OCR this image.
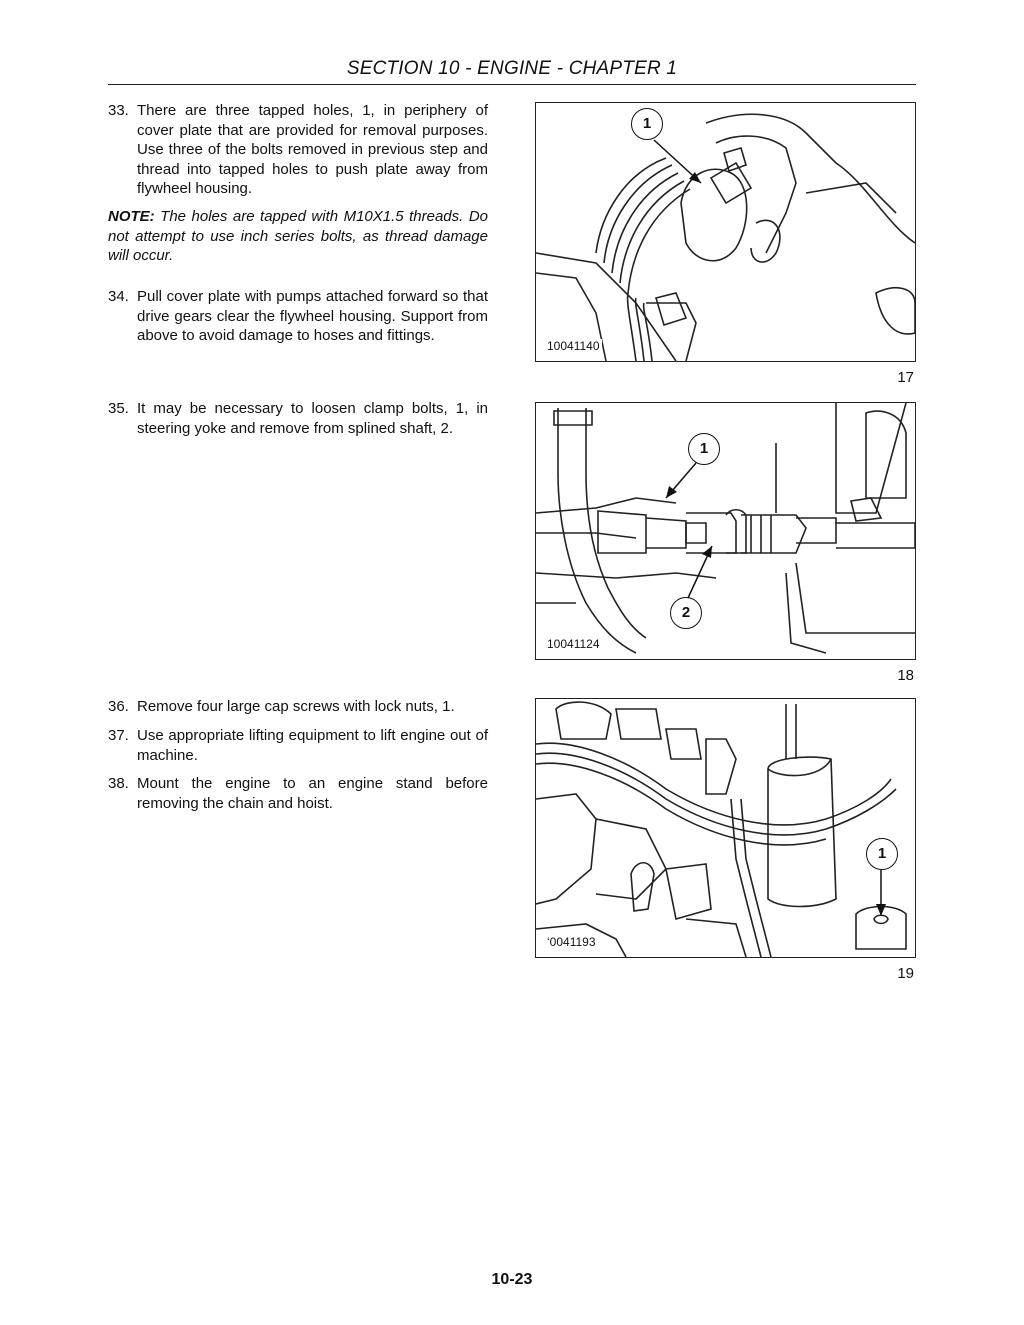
SECTION 10 - ENGINE - CHAPTER 1
33. There are three tapped holes, 1, in periphery of cover plate that are provided for removal purposes. Use three of the bolts removed in previous step and thread into tapped holes to push plate away from flywheel housing.
NOTE: The holes are tapped with M10X1.5 threads. Do not attempt to use inch series bolts, as thread damage will occur.
34. Pull cover plate with pumps attached forward so that drive gears clear the flywheel housing. Support from above to avoid damage to hoses and fittings.
35. It may be necessary to loosen clamp bolts, 1, in steering yoke and remove from splined shaft, 2.
36. Remove four large cap screws with lock nuts, 1.
37. Use appropriate lifting equipment to lift engine out of machine.
38. Mount the engine to an engine stand before removing the chain and hoist.
10041140
1
17
10041124
1
2
18
‘0041193
1
19
10-23
